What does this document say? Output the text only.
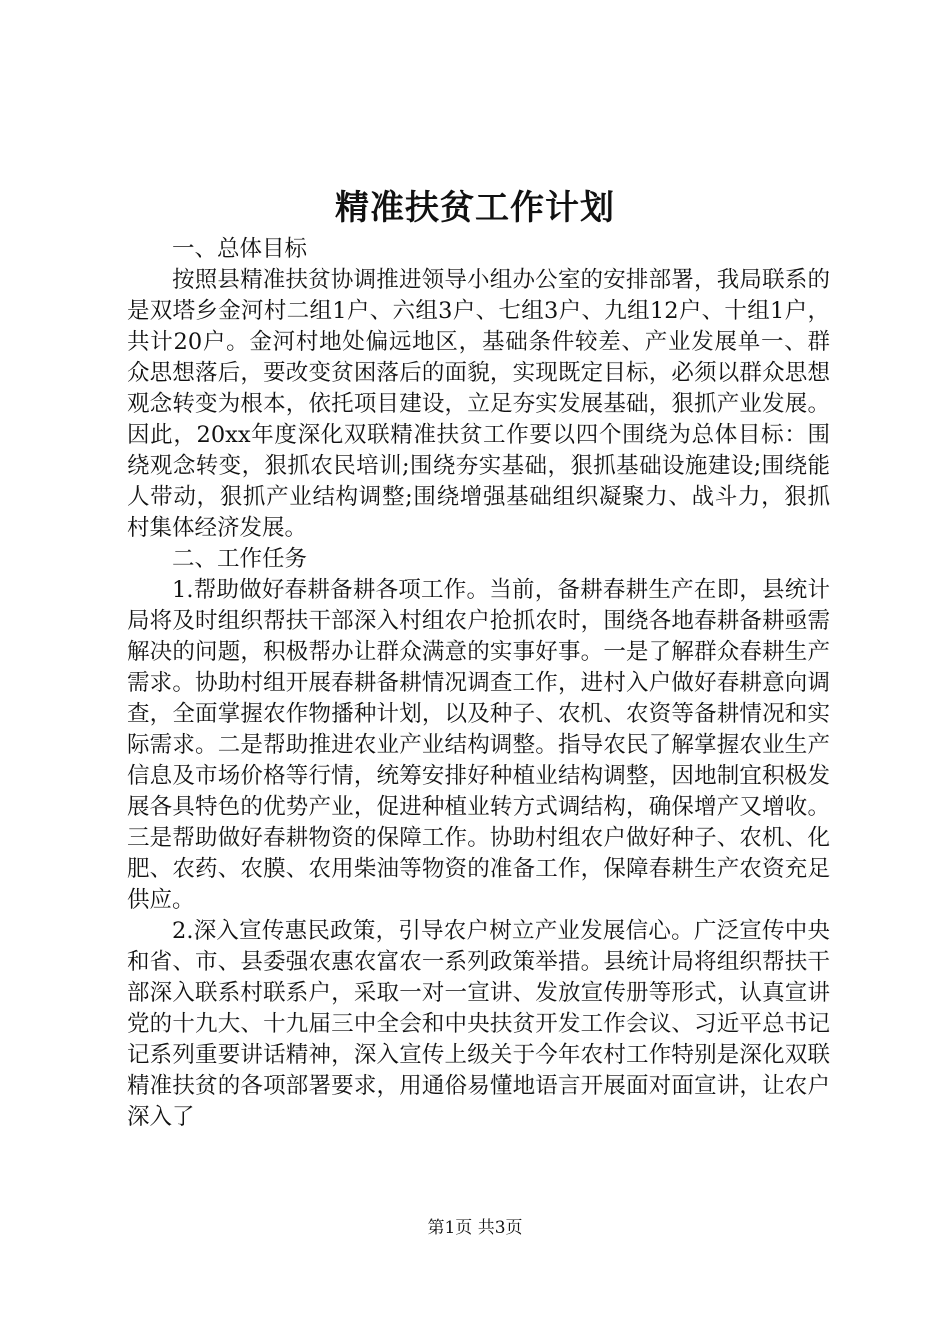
精准扶贫工作计划

一、总体目标

按照县精准扶贫协调推进领导小组办公室的安排部署，我局联系的是双塔乡金河村二组1户、六组3户、七组3户、九组12户、十组1户，共计20户。金河村地处偏远地区，基础条件较差、产业发展单一、群众思想落后，要改变贫困落后的面貌，实现既定目标，必须以群众思想观念转变为根本，依托项目建设，立足夯实发展基础，狠抓产业发展。因此，20xx年度深化双联精准扶贫工作要以四个围绕为总体目标：围绕观念转变，狠抓农民培训;围绕夯实基础，狠抓基础设施建设;围绕能人带动，狠抓产业结构调整;围绕增强基础组织凝聚力、战斗力，狠抓村集体经济发展。

二、工作任务

1.帮助做好春耕备耕各项工作。当前，备耕春耕生产在即，县统计局将及时组织帮扶干部深入村组农户抢抓农时，围绕各地春耕备耕亟需解决的问题，积极帮办让群众满意的实事好事。一是了解群众春耕生产需求。协助村组开展春耕备耕情况调查工作，进村入户做好春耕意向调查，全面掌握农作物播种计划，以及种子、农机、农资等备耕情况和实际需求。二是帮助推进农业产业结构调整。指导农民了解掌握农业生产信息及市场价格等行情，统筹安排好种植业结构调整，因地制宜积极发展各具特色的优势产业，促进种植业转方式调结构，确保增产又增收。三是帮助做好春耕物资的保障工作。协助村组农户做好种子、农机、化肥、农药、农膜、农用柴油等物资的准备工作，保障春耕生产农资充足供应。

2.深入宣传惠民政策，引导农户树立产业发展信心。广泛宣传中央和省、市、县委强农惠农富农一系列政策举措。县统计局将组织帮扶干部深入联系村联系户，采取一对一宣讲、发放宣传册等形式，认真宣讲党的十九大、十九届三中全会和中央扶贫开发工作会议、习近平总书记记系列重要讲话精神，深入宣传上级关于今年农村工作特别是深化双联精准扶贫的各项部署要求，用通俗易懂地语言开展面对面宣讲，让农户深入了

第1页 共3页
